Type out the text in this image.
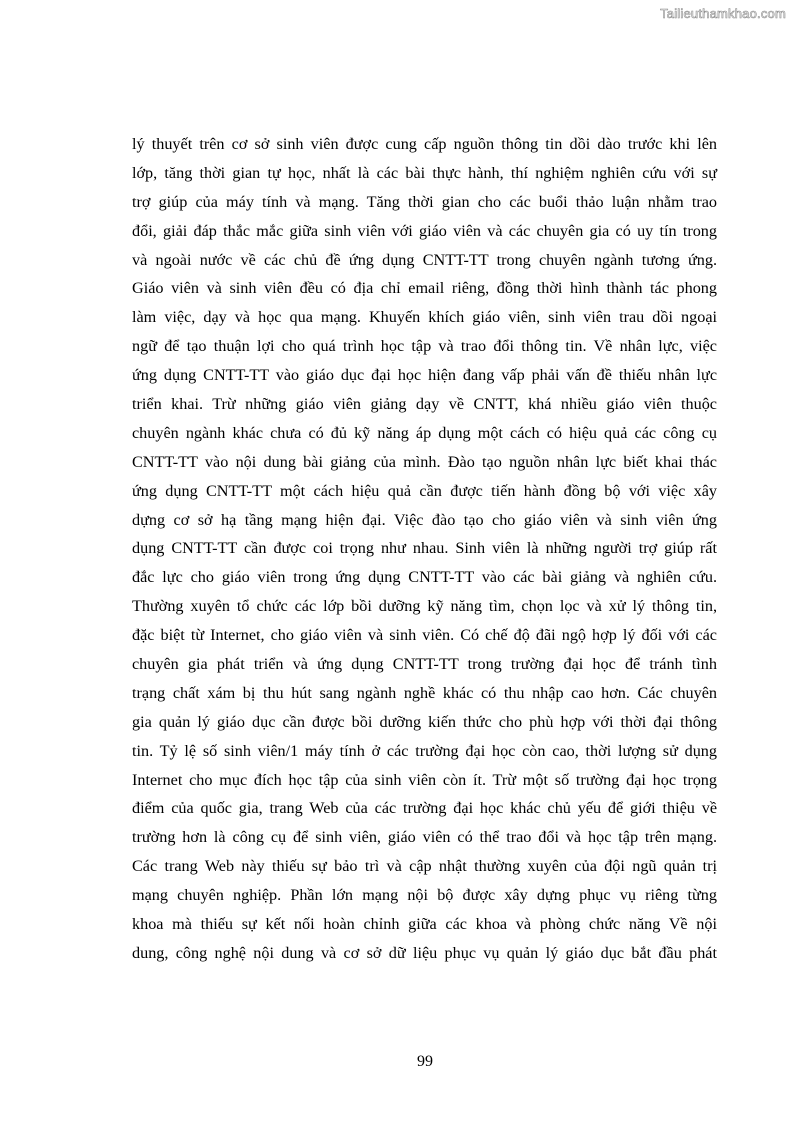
Tailieuthamkhao.com
lý thuyết trên cơ sở sinh viên được cung cấp nguồn thông tin dồi dào trước khi lên
lớp, tăng thời gian tự học, nhất là các bài thực hành, thí nghiệm nghiên cứu với sự
trợ giúp của máy tính và mạng. Tăng thời gian cho các buổi thảo luận nhằm trao
đổi, giải đáp thắc mắc giữa sinh viên với giáo viên và các chuyên gia có uy tín trong
và ngoài nước về các chủ đề ứng dụng CNTT-TT trong chuyên ngành tương ứng.
Giáo viên và sinh viên đều có địa chỉ email riêng, đồng thời hình thành tác phong
làm việc, dạy và học qua mạng. Khuyến khích giáo viên, sinh viên trau dồi ngoại
ngữ để tạo thuận lợi cho quá trình học tập và trao đổi thông tin. Về nhân lực, việc
ứng dụng CNTT-TT vào giáo dục đại học hiện đang vấp phải vấn đề thiếu nhân lực
triển khai. Trừ những giáo viên giảng dạy về CNTT, khá nhiều giáo viên thuộc
chuyên ngành khác chưa có đủ kỹ năng áp dụng một cách có hiệu quả các công cụ
CNTT-TT vào nội dung bài giảng của mình. Đào tạo nguồn nhân lực biết khai thác
ứng dụng CNTT-TT một cách hiệu quả cần được tiến hành đồng bộ với việc xây
dựng cơ sở hạ tầng mạng hiện đại. Việc đào tạo cho giáo viên và sinh viên ứng
dụng CNTT-TT cần được coi trọng như nhau. Sinh viên là những người trợ giúp rất
đắc lực cho giáo viên trong ứng dụng CNTT-TT vào các bài giảng và nghiên cứu.
Thường xuyên tổ chức các lớp bồi dưỡng kỹ năng tìm, chọn lọc và xử lý thông tin,
đặc biệt từ Internet, cho giáo viên và sinh viên. Có chế độ đãi ngộ hợp lý đối với các
chuyên gia phát triển và ứng dụng CNTT-TT trong trường đại học để tránh tình
trạng chất xám bị thu hút sang ngành nghề khác có thu nhập cao hơn. Các chuyên
gia quản lý giáo dục cần được bồi dưỡng kiến thức cho phù hợp với thời đại thông
tin. Tỷ lệ số sinh viên/1 máy tính ở các trường đại học còn cao, thời lượng sử dụng
Internet cho mục đích học tập của sinh viên còn ít. Trừ một số trường đại học trọng
điểm của quốc gia, trang Web của các trường đại học khác chủ yếu để giới thiệu về
trường hơn là công cụ để sinh viên, giáo viên có thể trao đổi và học tập trên mạng.
Các trang Web này thiếu sự bảo trì và cập nhật thường xuyên của đội ngũ quản trị
mạng chuyên nghiệp. Phần lớn mạng nội bộ được xây dựng phục vụ riêng từng
khoa mà thiếu sự kết nối hoàn chỉnh giữa các khoa và phòng chức năng Về nội
dung, công nghệ nội dung và cơ sở dữ liệu phục vụ quản lý giáo dục bắt đầu phát
99
